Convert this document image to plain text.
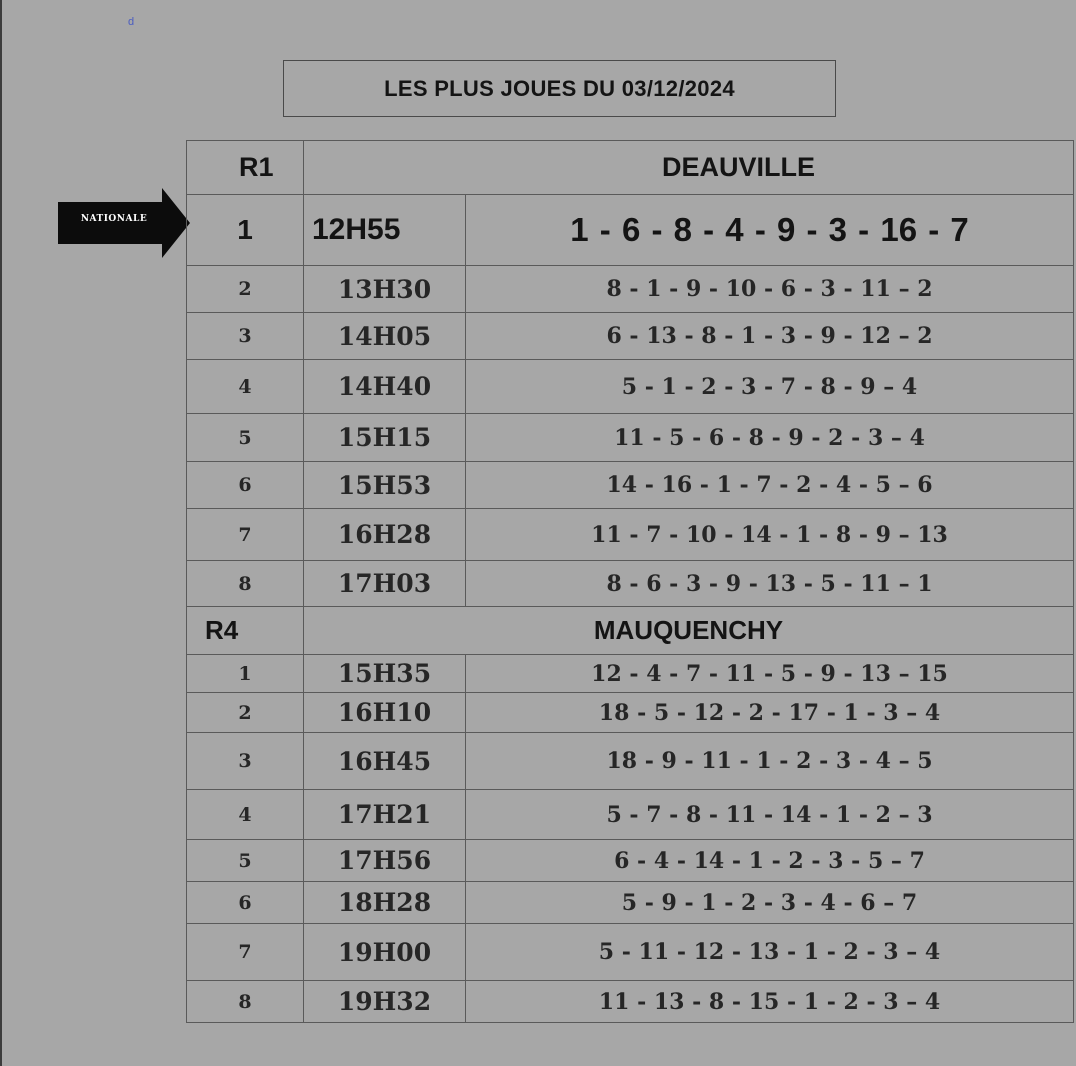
d
LES PLUS JOUES DU 03/12/2024
NATIONALE
R1	DEAUVILLE	
1	12H55	1 - 6 - 8 - 4 - 9 - 3 - 16 - 7
2	13H30	8 - 1 - 9 - 10 - 6 - 3 - 11 – 2
3	14H05	6 - 13 - 8 - 1 - 3 - 9 - 12 – 2
4	14H40	5 - 1 - 2 - 3 - 7 - 8 - 9 – 4
5	15H15	11 - 5 - 6 - 8 - 9 - 2 - 3 – 4
6	15H53	14 - 16 - 1 - 7 - 2 - 4 - 5 – 6
7	16H28	11 - 7 - 10 - 14 - 1 - 8 - 9 – 13
8	17H03	8 - 6 - 3 - 9 - 13 - 5 - 11 – 1
R4	MAUQUENCHY	
1	15H35	12 - 4 - 7 - 11 - 5 - 9 - 13 – 15
2	16H10	18 - 5 - 12 - 2 - 17 - 1 - 3 – 4
3	16H45	18 - 9 - 11 - 1 - 2 - 3 - 4 – 5
4	17H21	5 - 7 - 8 - 11 - 14 - 1 - 2 – 3
5	17H56	6 - 4 - 14 - 1 - 2 - 3 - 5 – 7
6	18H28	5 - 9 - 1 - 2 - 3 - 4 - 6 – 7
7	19H00	5 - 11 - 12 - 13 - 1 - 2 - 3 – 4
8	19H32	11 - 13 - 8 - 15 - 1 - 2 - 3 – 4
